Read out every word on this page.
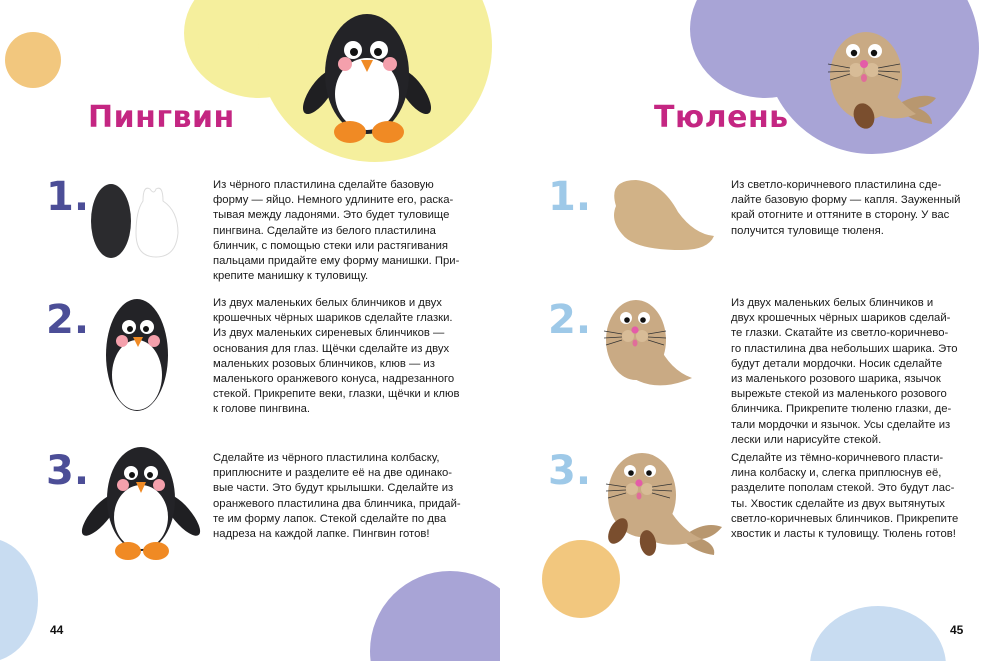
Пингвин
1.	Из чёрного пластилина сделайте базовую
форму — яйцо. Немного удлините его, раска-
тывая между ладонями. Это будет туловище
пингвина. Сделайте из белого пластилина
блинчик, с помощью стеки или растягивания
пальцами придайте ему форму манишки. При-
крепите манишку к туловищу.
2.	Из двух маленьких белых блинчиков и двух
крошечных чёрных шариков сделайте глазки.
Из двух маленьких сиреневых блинчиков —
основания для глаз. Щёчки сделайте из двух
маленьких розовых блинчиков, клюв — из
маленького оранжевого конуса, надрезанного
стекой. Прикрепите веки, глазки, щёчки и клюв
к голове пингвина.
3.	Сделайте из чёрного пластилина колбаску,
приплюсните и разделите её на две одинако-
вые части. Это будут крылышки. Сделайте из
оранжевого пластилина два блинчика, придай-
те им форму лапок. Стекой сделайте по два
надреза на каждой лапке. Пингвин готов!
44
Тюлень
1.	Из светло-коричневого пластилина сде-
лайте базовую форму — капля. Зауженный
край отогните и оттяните в сторону. У вас
получится туловище тюленя.
2.	Из двух маленьких белых блинчиков и
двух крошечных чёрных шариков сделай-
те глазки. Скатайте из светло-коричнево-
го пластилина два небольших шарика. Это
будут детали мордочки. Носик сделайте
из маленького розового шарика, язычок
вырежьте стекой из маленького розового
блинчика. Прикрепите тюленю глазки, де-
тали мордочки и язычок. Усы сделайте из
лески или нарисуйте стекой.
3.	Сделайте из тёмно-коричневого пласти-
лина колбаску и, слегка приплюснув её,
разделите пополам стекой. Это будут лас-
ты. Хвостик сделайте из двух вытянутых
светло-коричневых блинчиков. Прикрепите
хвостик и ласты к туловищу. Тюлень готов!
45
